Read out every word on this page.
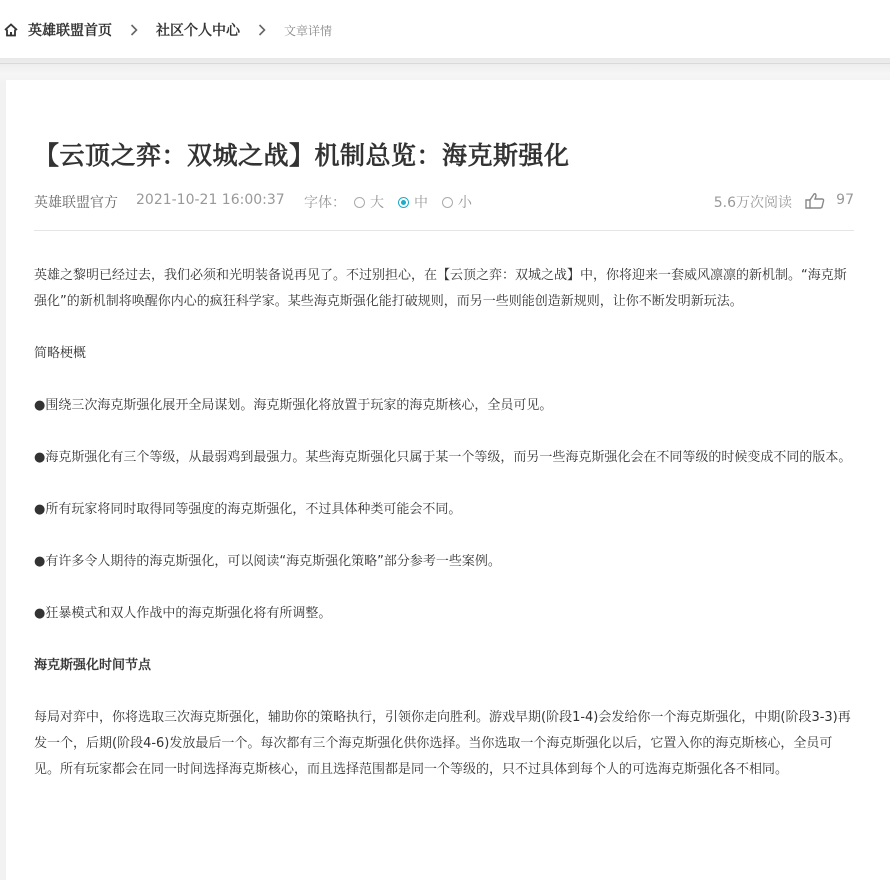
英雄联盟首页	社区个人中心	文章详情
【云顶之弈：双城之战】机制总览：海克斯强化
英雄联盟官方 2021-10-21 16:00:37 字体： 大 中 小	5.6万次阅读	97

英雄之黎明已经过去，我们必须和光明装备说再见了。不过别担心，在【云顶之弈：双城之战】中，你将迎来一套威风凛凛的新机制。“海克斯强化”的新机制将唤醒你内心的疯狂科学家。某些海克斯强化能打破规则，而另一些则能创造新规则，让你不断发明新玩法。

简略梗概

●围绕三次海克斯强化展开全局谋划。海克斯强化将放置于玩家的海克斯核心，全员可见。

●海克斯强化有三个等级，从最弱鸡到最强力。某些海克斯强化只属于某一个等级，而另一些海克斯强化会在不同等级的时候变成不同的版本。

●所有玩家将同时取得同等强度的海克斯强化，不过具体种类可能会不同。

●有许多令人期待的海克斯强化，可以阅读“海克斯强化策略”部分参考一些案例。

●狂暴模式和双人作战中的海克斯强化将有所调整。

海克斯强化时间节点

每局对弈中，你将选取三次海克斯强化，辅助你的策略执行，引领你走向胜利。游戏早期(阶段1-4)会发给你一个海克斯强化，中期(阶段3-3)再发一个，后期(阶段4-6)发放最后一个。每次都有三个海克斯强化供你选择。当你选取一个海克斯强化以后，它置入你的海克斯核心，全员可见。所有玩家都会在同一时间选择海克斯核心，而且选择范围都是同一个等级的，只不过具体到每个人的可选海克斯强化各不相同。
